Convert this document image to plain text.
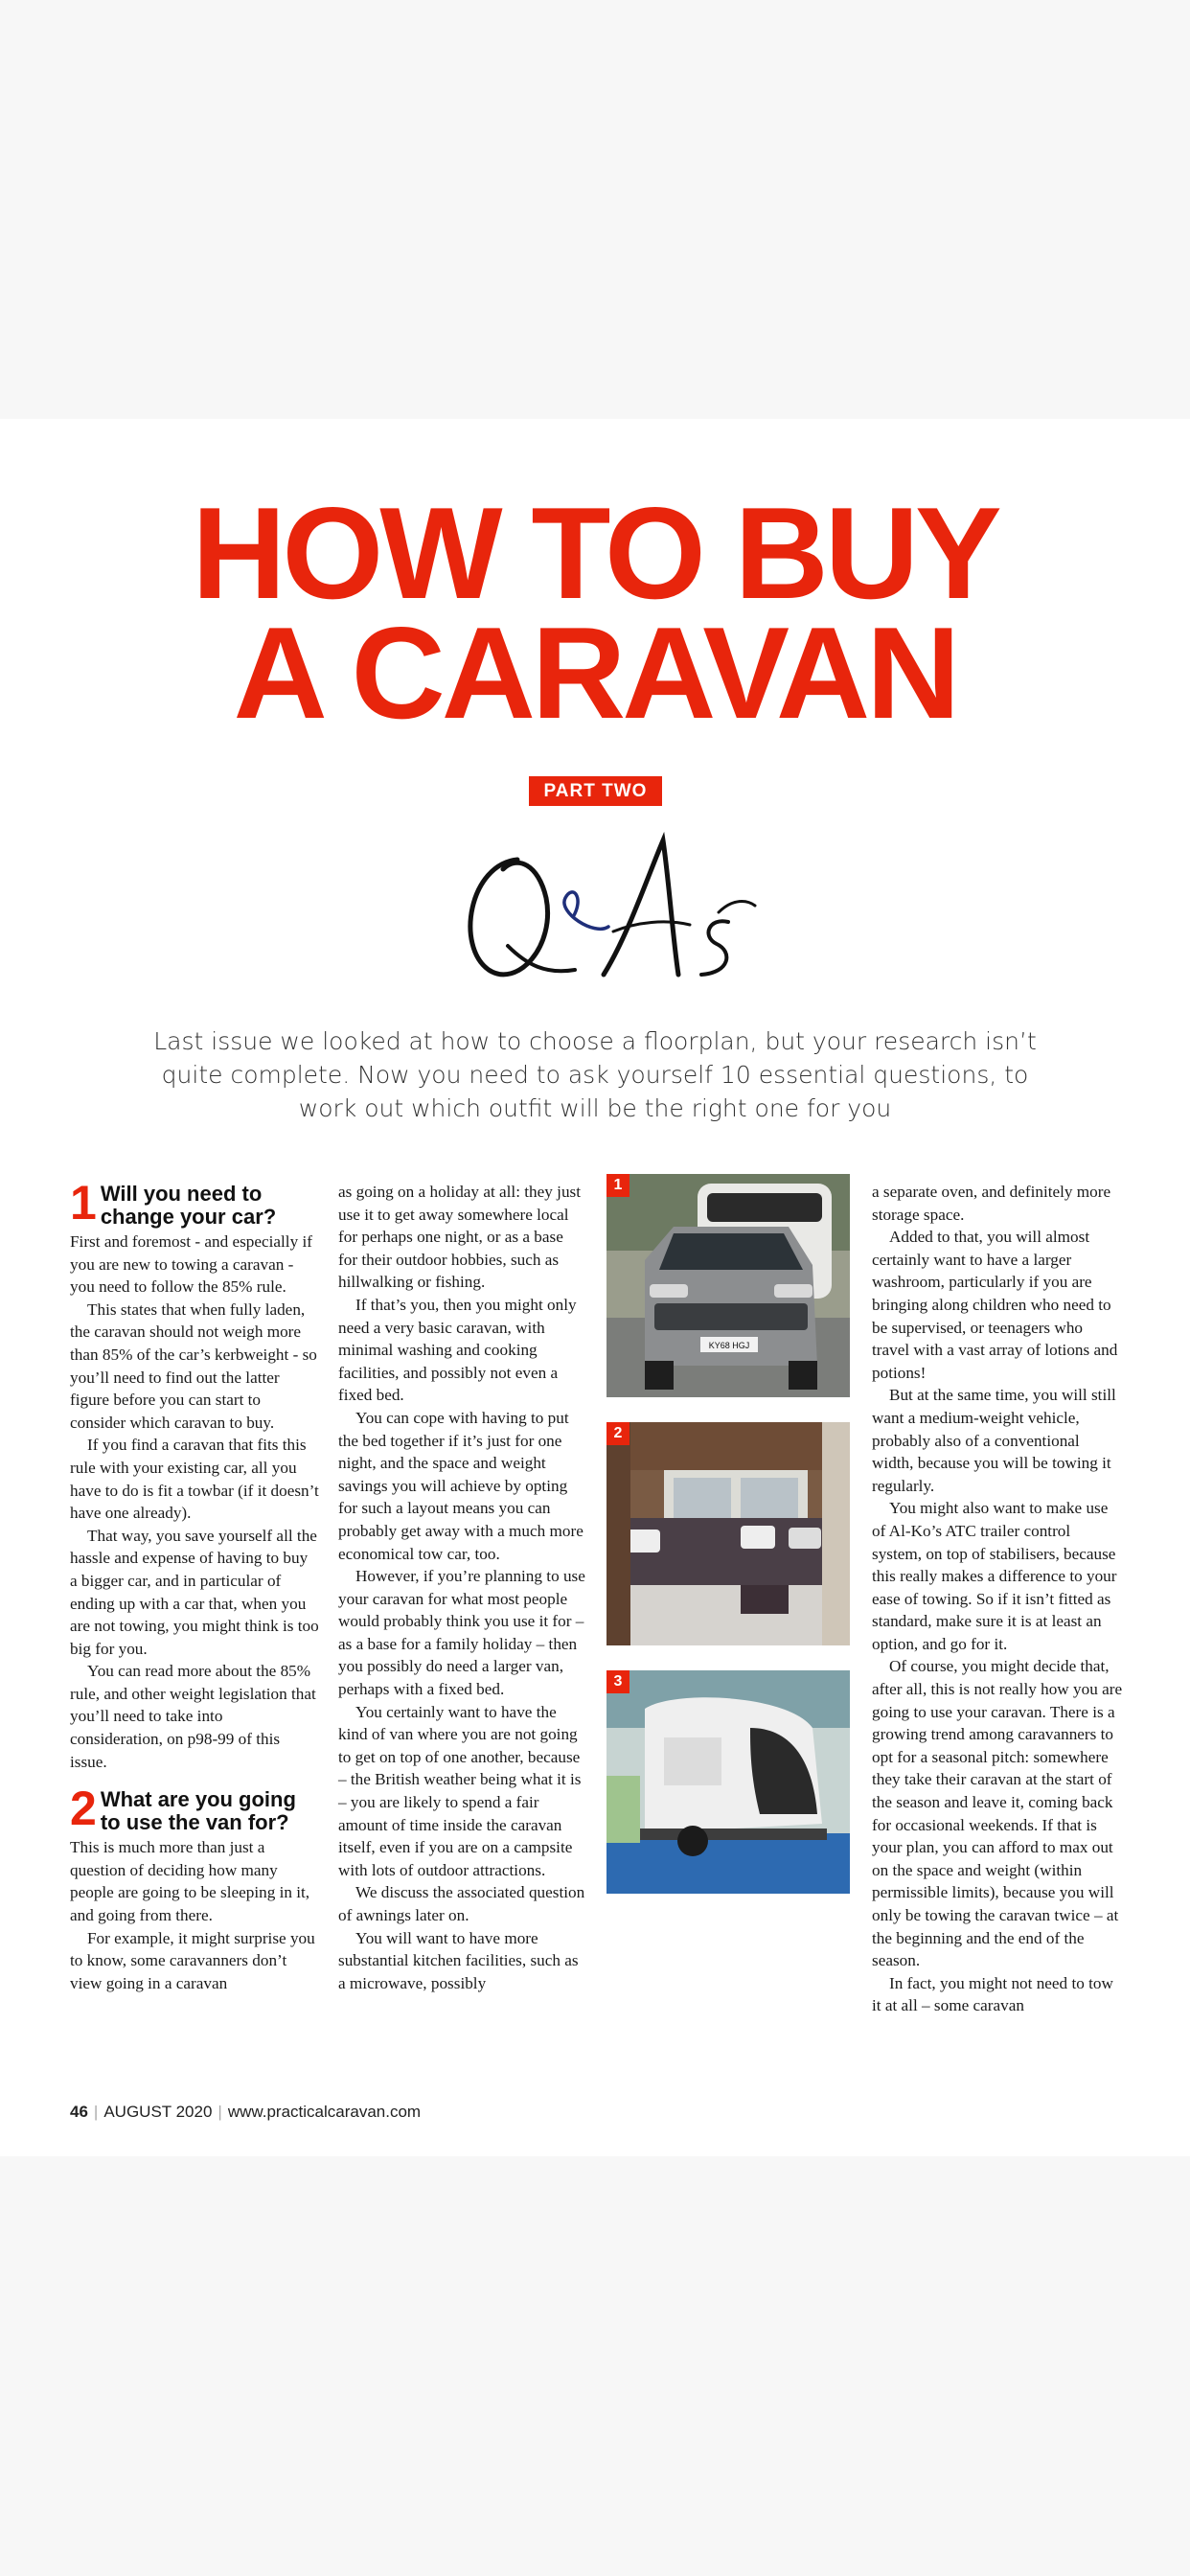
HOW TO BUY
A CARAVAN
PART TWO
Last issue we looked at how to choose a floorplan, but your research isn’t quite complete. Now you need to ask yourself 10 essential questions, to work out which outfit will be the right one for you
1 Will you need to change your car?

First and foremost - and especially if you are new to towing a caravan - you need to follow the 85% rule.

This states that when fully laden, the caravan should not weigh more than 85% of the car’s kerbweight - so you’ll need to find out the latter figure before you can start to consider which caravan to buy.

If you find a caravan that fits this rule with your existing car, all you have to do is fit a towbar (if it doesn’t have one already).

That way, you save yourself all the hassle and expense of having to buy a bigger car, and in particular of ending up with a car that, when you are not towing, you might think is too big for you.

You can read more about the 85% rule, and other weight legislation that you’ll need to take into consideration, on p98-99 of this issue.

2 What are you going to use the van for?

This is much more than just a question of deciding how many people are going to be sleeping in it, and going from there.

For example, it might surprise you to know, some caravanners don’t view going in a caravan

as going on a holiday at all: they just use it to get away somewhere local for perhaps one night, or as a base for their outdoor hobbies, such as hillwalking or fishing.

If that’s you, then you might only need a very basic caravan, with minimal washing and cooking facilities, and possibly not even a fixed bed.

You can cope with having to put the bed together if it’s just for one night, and the space and weight savings you will achieve by opting for such a layout means you can probably get away with a much more economical tow car, too.

However, if you’re planning to use your caravan for what most people would probably think you use it for – as a base for a family holiday – then you possibly do need a larger van, perhaps with a fixed bed.

You certainly want to have the kind of van where you are not going to get on top of one another, because – the British weather being what it is – you are likely to spend a fair amount of time inside the caravan itself, even if you are on a campsite with lots of outdoor attractions.

We discuss the associated question of awnings later on.

You will want to have more substantial kitchen facilities, such as a microwave, possibly

KY68 HGJ
1
2
3

a separate oven, and definitely more storage space.

Added to that, you will almost certainly want to have a larger washroom, particularly if you are bringing along children who need to be supervised, or teenagers who travel with a vast array of lotions and potions!

But at the same time, you will still want a medium-weight vehicle, probably also of a conventional width, because you will be towing it regularly.

You might also want to make use of Al-Ko’s ATC trailer control system, on top of stabilisers, because this really makes a difference to your ease of towing. So if it isn’t fitted as standard, make sure it is at least an option, and go for it.

Of course, you might decide that, after all, this is not really how you are going to use your caravan. There is a growing trend among caravanners to opt for a seasonal pitch: somewhere they take their caravan at the start of the season and leave it, coming back for occasional weekends. If that is your plan, you can afford to max out on the space and weight (within permissible limits), because you will only be towing the caravan twice – at the beginning and the end of the season.

In fact, you might not need to tow it at all – some caravan

46 | AUGUST 2020 | www.practicalcaravan.com
